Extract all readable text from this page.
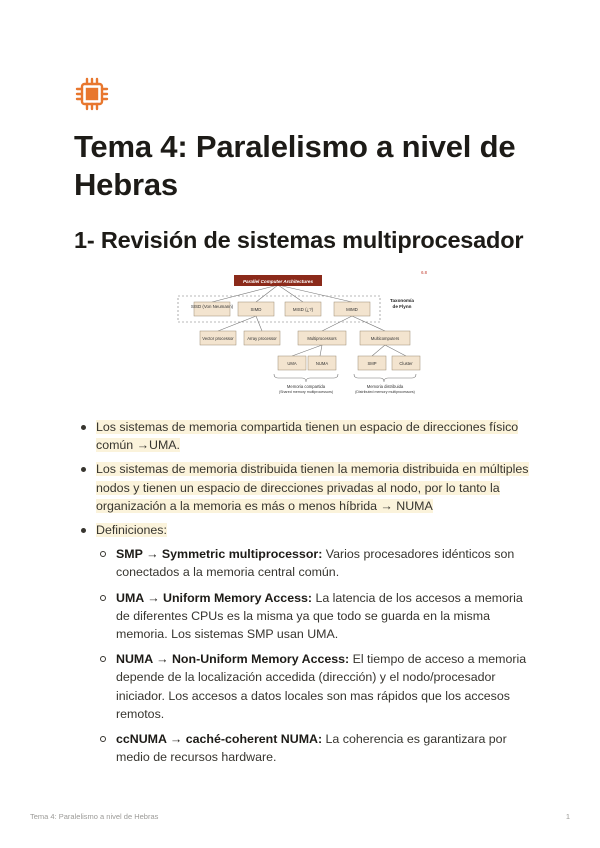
Tema 4: Paralelismo a nivel de Hebras
1- Revisión de sistemas multiprocesador
Parallel Computer Architectures
6.8
SISD (Von Neumann)
SIMD	MISD (¿?)	MIMD
Taxonomía
de Flynn
Vector processor	Array processor	Multiprocessors	Multicomputers
UMA	NUMA	SMP	Cluster
Memoria compartida
(Shared memory multiprocessors)
Memoria distribuida
(Distributed memory multiprocessors)
Los sistemas de memoria compartida tienen un espacio de direcciones físico común →UMA.
Los sistemas de memoria distribuida tienen la memoria distribuida en múltiples nodos y tienen un espacio de direcciones privadas al nodo, por lo tanto la organización a la memoria es más o menos híbrida → NUMA
Definiciones:
SMP → Symmetric multiprocessor: Varios procesadores idénticos son conectados a la memoria central común.
UMA → Uniform Memory Access: La latencia de los accesos a memoria de diferentes CPUs es la misma ya que todo se guarda en la misma memoria. Los sistemas SMP usan UMA.
NUMA → Non-Uniform Memory Access: El tiempo de acceso a memoria depende de la localización accedida (dirección) y el nodo/procesador iniciador. Los accesos a datos locales son mas rápidos que los accesos remotos.
ccNUMA → caché-coherent NUMA: La coherencia es garantizara por medio de recursos hardware.
Tema 4: Paralelismo a nivel de Hebras	1
